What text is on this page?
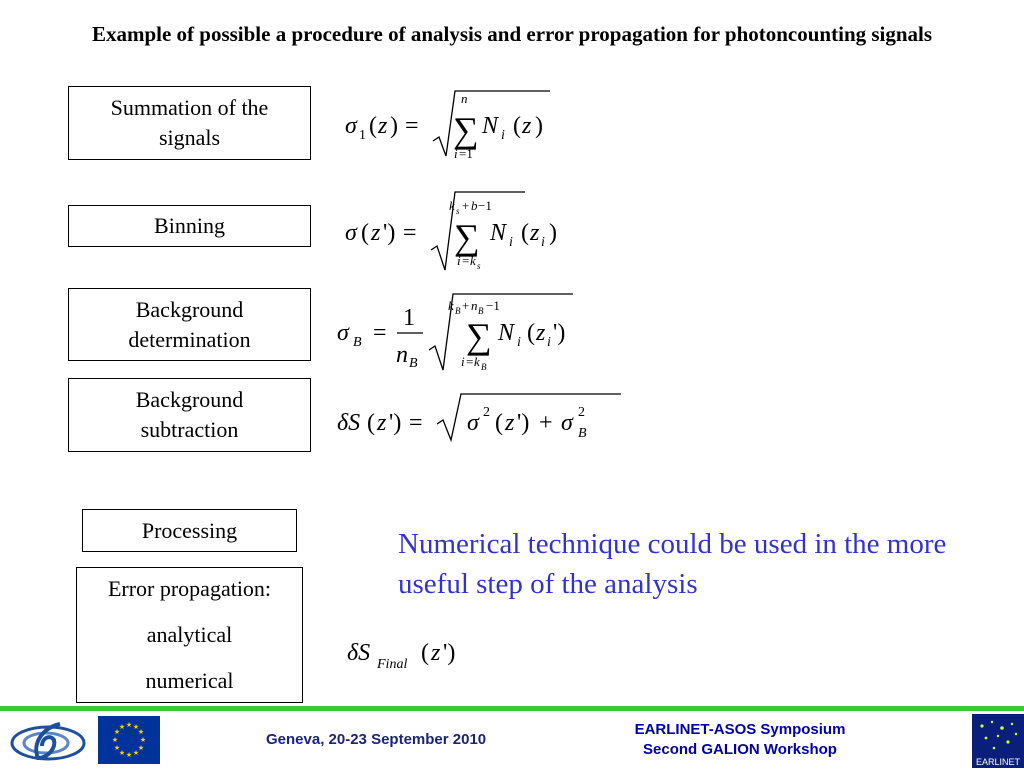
Example of possible a procedure of analysis and error propagation for photoncounting signals
Summation of the signals
Binning
Background determination
Background subtraction
Processing
Error propagation:
analytical
numerical
σ 1 ( z ) =
n
∑
i =1
N i ( z )
σ ( z ') =
k s + b −1
∑
i = k s
N i ( z i )
σ B =
1
n B
k B + n B −1
∑
i = k B
N i ( z i ')
δS ( z ') = σ 2 ( z ') + σ 2
B
δS Final ( z ')
Numerical technique could be used in the more useful step of the analysis
★ ★
★
★
★
★
★
★
★
★
★
★
Geneva, 20-23 September 2010
EARLINET-ASOS Symposium
Second GALION Workshop
EARLINET
